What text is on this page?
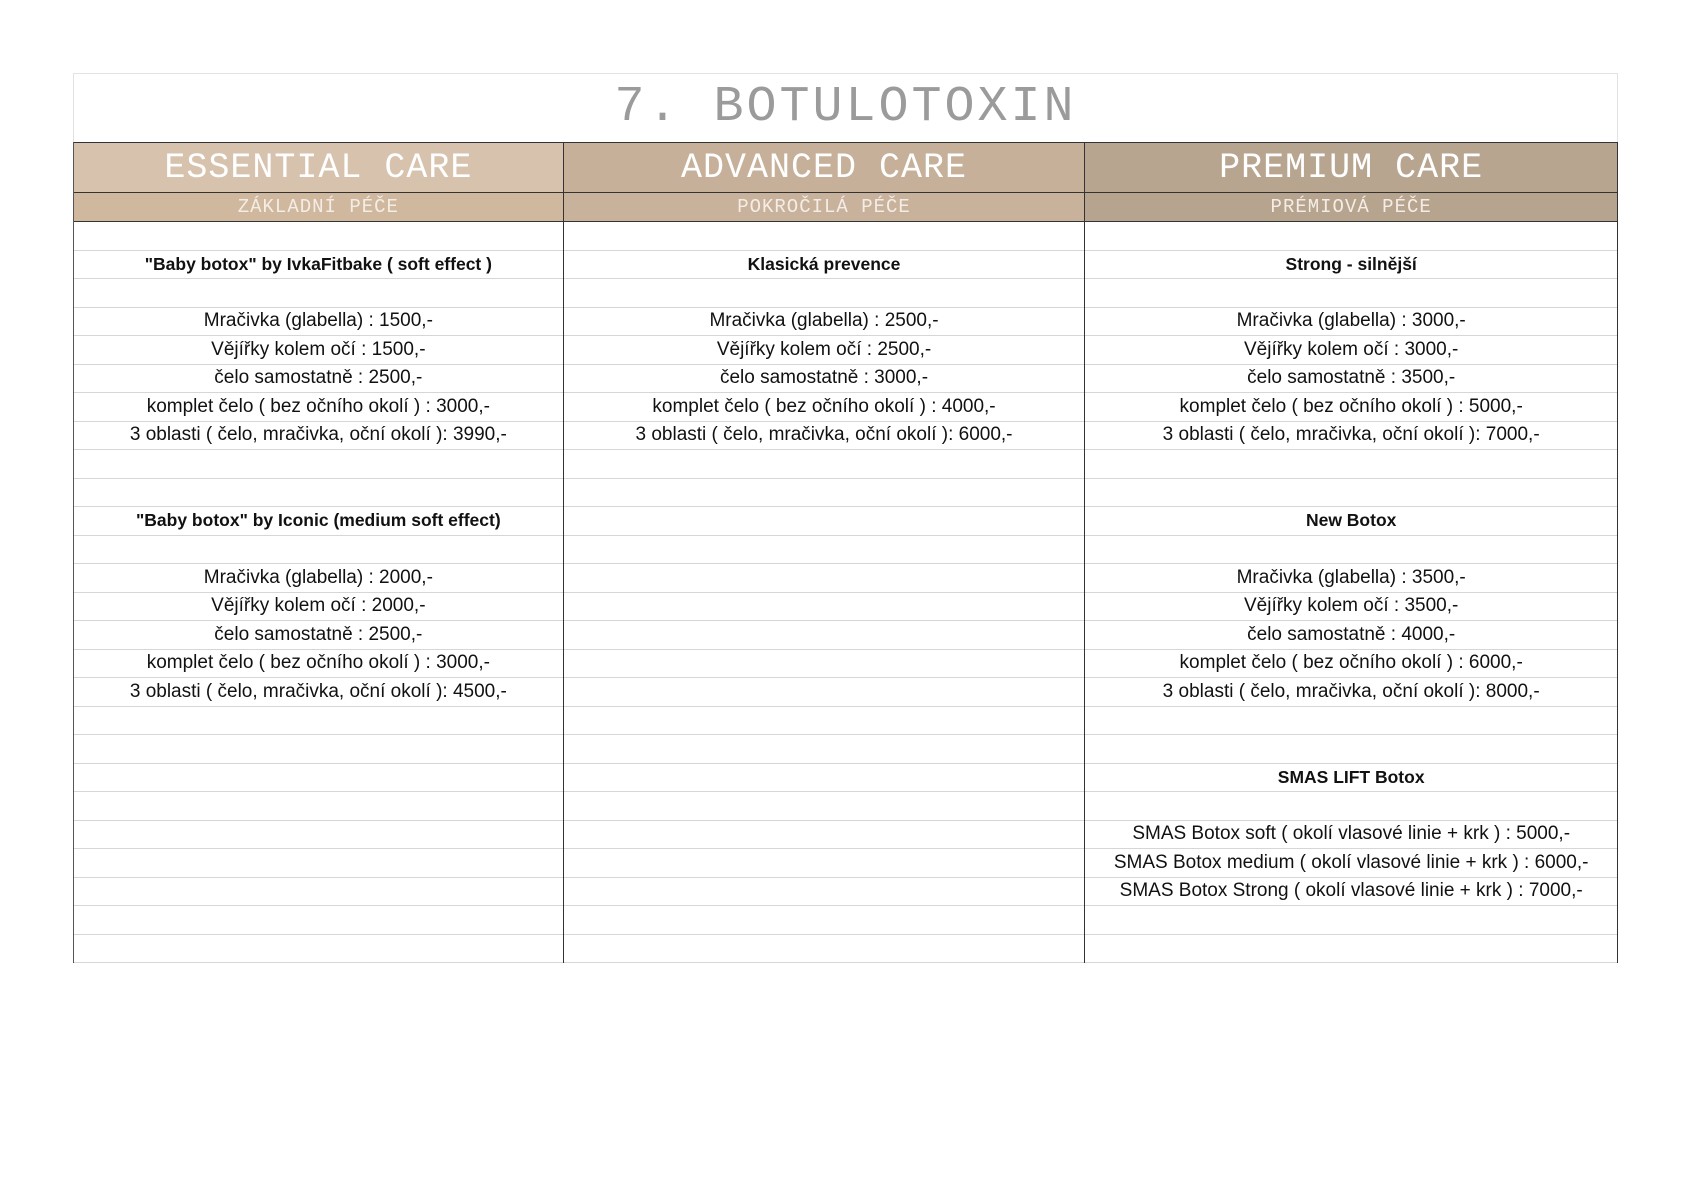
7. BOTULOTOXIN
ESSENTIAL CARE
ZÁKLADNÍ PÉČE
"Baby botox" by IvkaFitbake ( soft effect )
Mračivka (glabella) : 1500,-
Vějířky kolem očí : 1500,-
čelo samostatně : 2500,-
komplet čelo ( bez očního okolí ) : 3000,-
3 oblasti ( čelo, mračivka, oční okolí ): 3990,-
"Baby botox" by Iconic (medium soft effect)
Mračivka (glabella) : 2000,-
Vějířky kolem očí : 2000,-
čelo samostatně : 2500,-
komplet čelo ( bez očního okolí ) : 3000,-
3 oblasti ( čelo, mračivka, oční okolí ): 4500,-
ADVANCED CARE
POKROČILÁ PÉČE
Klasická prevence
Mračivka (glabella) : 2500,-
Vějířky kolem očí : 2500,-
čelo samostatně : 3000,-
komplet čelo ( bez očního okolí ) : 4000,-
3 oblasti ( čelo, mračivka, oční okolí ): 6000,-
PREMIUM CARE
PRÉMIOVÁ PÉČE
Strong - silnější
Mračivka (glabella) : 3000,-
Vějířky kolem očí : 3000,-
čelo samostatně : 3500,-
komplet čelo ( bez očního okolí ) : 5000,-
3 oblasti ( čelo, mračivka, oční okolí ): 7000,-
New Botox
Mračivka (glabella) : 3500,-
Vějířky kolem očí : 3500,-
čelo samostatně : 4000,-
komplet čelo ( bez očního okolí ) : 6000,-
3 oblasti ( čelo, mračivka, oční okolí ): 8000,-
SMAS LIFT Botox
SMAS Botox soft ( okolí vlasové linie + krk ) : 5000,-
SMAS Botox medium ( okolí vlasové linie + krk ) : 6000,-
SMAS Botox Strong ( okolí vlasové linie + krk ) : 7000,-
